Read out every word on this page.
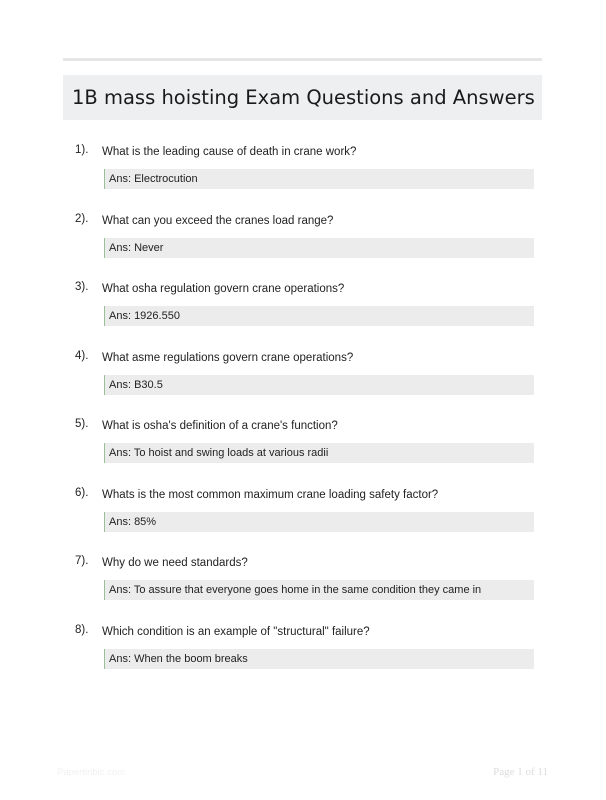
1B mass hoisting Exam Questions and Answers
1). What is the leading cause of death in crane work?
Ans: Electrocution
2). What can you exceed the cranes load range?
Ans: Never
3). What osha regulation govern crane operations?
Ans: 1926.550
4). What asme regulations govern crane operations?
Ans: B30.5
5). What is osha's definition of a crane's function?
Ans: To hoist and swing loads at various radii
6). Whats is the most common maximum crane loading safety factor?
Ans: 85%
7). Why do we need standards?
Ans: To assure that everyone goes home in the same condition they came in
8). Which condition is an example of "structural" failure?
Ans: When the boom breaks
Papertinbic.com	Page 1 of 11
